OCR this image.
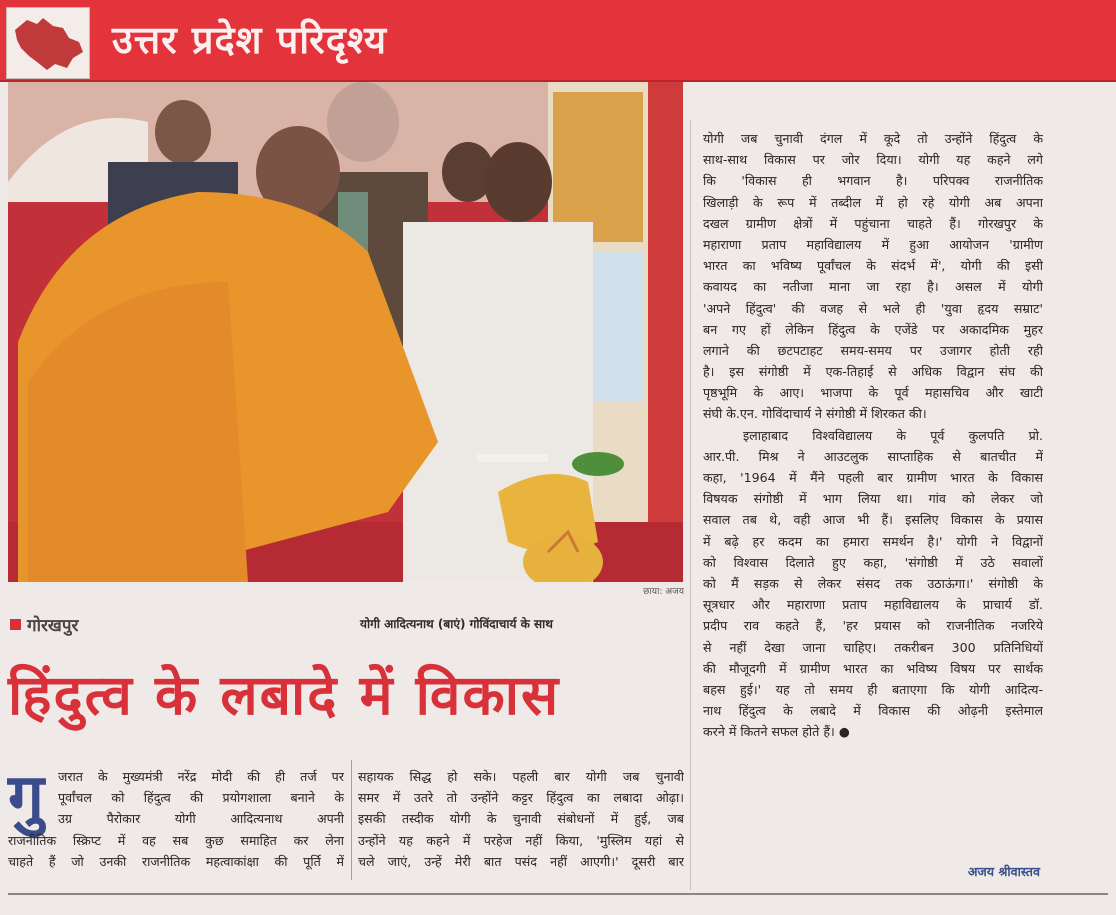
उत्तर प्रदेश परिदृश्य
छाया: अजय
गोरखपुर	योगी आदित्यनाथ (बाएं) गोविंदाचार्य के साथ
हिंदुत्व के लबादे में विकास
गु	जरात के मुख्यमंत्री नरेंद्र मोदी की ही तर्ज पर
पूर्वांचल को हिंदुत्व की प्रयोगशाला बनाने के
उग्र पैरोकार योगी आदित्यनाथ अपनी
राजनीतिक स्क्रिप्ट में वह सब कुछ समाहित कर लेना
चाहते हैं जो उनकी राजनीतिक महत्वाकांक्षा की पूर्ति में
सहायक सिद्ध हो सके। पहली बार योगी जब चुनावी
समर में उतरे तो उन्होंने कट्टर हिंदुत्व का लबादा ओढ़ा।
इसकी तस्दीक योगी के चुनावी संबोधनों में हुई, जब
उन्होंने यह कहने में परहेज नहीं किया, 'मुस्लिम यहां से
चले जाएं, उन्हें मेरी बात पसंद नहीं आएगी।' दूसरी बार
योगी जब चुनावी दंगल में कूदे तो उन्होंने हिंदुत्व के
साथ-साथ विकास पर जोर दिया। योगी यह कहने लगे
कि 'विकास ही भगवान है। परिपक्व राजनीतिक
खिलाड़ी के रूप में तब्दील में हो रहे योगी अब अपना
दखल ग्रामीण क्षेत्रों में पहुंचाना चाहते हैं। गोरखपुर के
महाराणा प्रताप महाविद्यालय में हुआ आयोजन 'ग्रामीण
भारत का भविष्य पूर्वांचल के संदर्भ में', योगी की इसी
कवायद का नतीजा माना जा रहा है। असल में योगी
'अपने हिंदुत्व' की वजह से भले ही 'युवा हृदय सम्राट'
बन गए हों लेकिन हिंदुत्व के एजेंडे पर अकादमिक मुहर
लगाने की छटपटाहट समय-समय पर उजागर होती रही
है। इस संगोष्ठी में एक-तिहाई से अधिक विद्वान संघ की
पृष्ठभूमि के आए। भाजपा के पूर्व महासचिव और खाटी
संघी के.एन. गोविंदाचार्य ने संगोष्ठी में शिरकत की।
इलाहाबाद विश्वविद्यालय के पूर्व कुलपति प्रो.
आर.पी. मिश्र ने आउटलुक साप्ताहिक से बातचीत में
कहा, '1964 में मैंने पहली बार ग्रामीण भारत के विकास
विषयक संगोष्ठी में भाग लिया था। गांव को लेकर जो
सवाल तब थे, वही आज भी हैं। इसलिए विकास के प्रयास
में बढ़े हर कदम का हमारा समर्थन है।' योगी ने विद्वानों
को विश्वास दिलाते हुए कहा, 'संगोष्ठी में उठे सवालों
को मैं सड़क से लेकर संसद तक उठाऊंगा।' संगोष्ठी के
सूत्रधार और महाराणा प्रताप महाविद्यालय के प्राचार्य डॉ.
प्रदीप राव कहते हैं, 'हर प्रयास को राजनीतिक नजरिये
से नहीं देखा जाना चाहिए। तकरीबन 300 प्रतिनिधियों
की मौजूदगी में ग्रामीण भारत का भविष्य विषय पर सार्थक
बहस हुई।' यह तो समय ही बताएगा कि योगी आदित्य-
नाथ हिंदुत्व के लबादे में विकास की ओढ़नी इस्तेमाल
करने में कितने सफल होते हैं। ●
अजय श्रीवास्तव
